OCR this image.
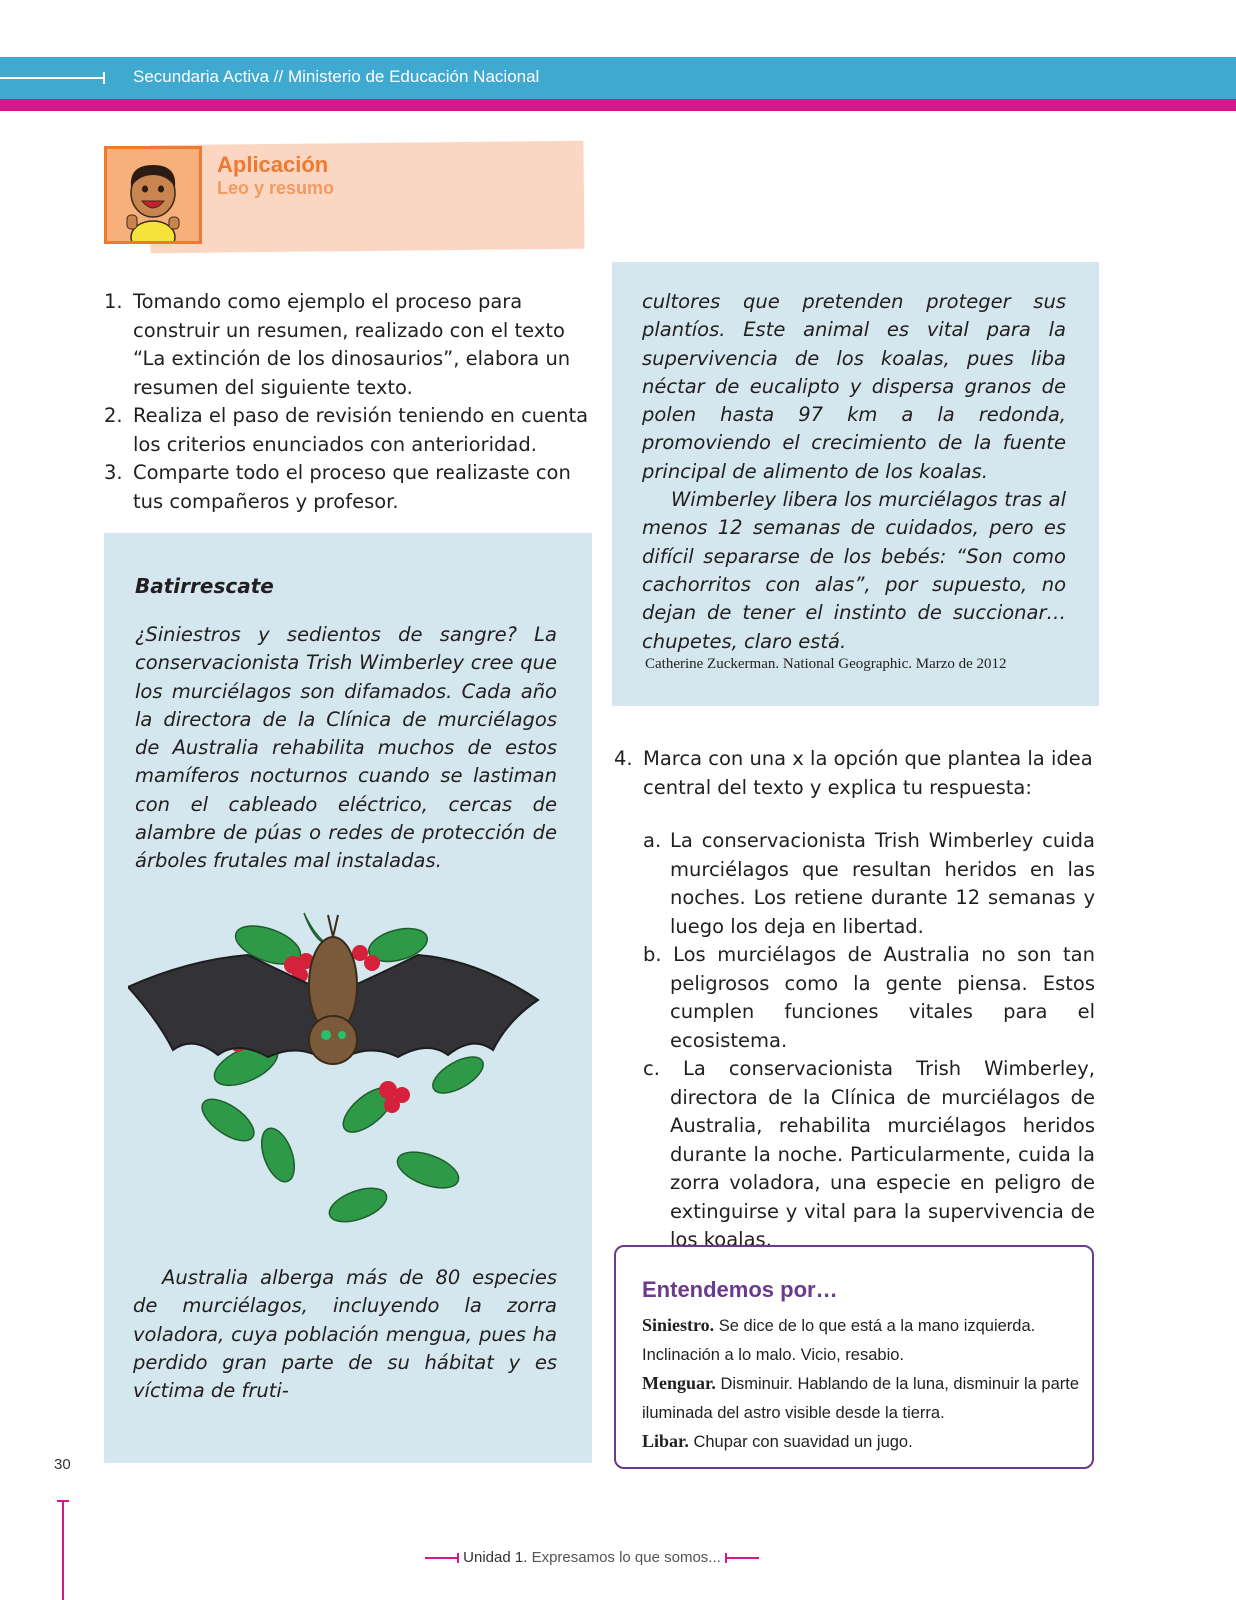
Secundaria Activa // Ministerio de Educación Nacional
Aplicación
Leo y resumo
1. Tomando como ejemplo el proceso para construir un resumen, realizado con el texto “La extinción de los dinosaurios”, elabora un resumen del siguiente texto.
2. Realiza el paso de revisión teniendo en cuenta los criterios enunciados con anterioridad.
3. Comparte todo el proceso que realizaste con tus compañeros y profesor.
Batirrescate

¿Siniestros y sedientos de sangre? La conservacionista Trish Wimberley cree que los murciélagos son difamados. Cada año la directora de la Clínica de murciélagos de Australia rehabilita muchos de estos mamíferos nocturnos cuando se lastiman con el cableado eléctrico, cercas de alambre de púas o redes de protección de árboles frutales mal instaladas.

Australia alberga más de 80 especies de murciélagos, incluyendo la zorra voladora, cuya población mengua, pues ha perdido gran parte de su hábitat y es víctima de fruti-

cultores que pretenden proteger sus plantíos. Este animal es vital para la supervivencia de los koalas, pues liba néctar de eucalipto y dispersa granos de polen hasta 97 km a la redonda, promoviendo el crecimiento de la fuente principal de alimento de los koalas.

Wimberley libera los murciélagos tras al menos 12 semanas de cuidados, pero es difícil separarse de los bebés: “Son como cachorritos con alas”, por supuesto, no dejan de tener el instinto de succionar…chupetes, claro está.

Catherine Zuckerman. National Geographic. Marzo de 2012
4. Marca con una x la opción que plantea la idea central del texto y explica tu respuesta:
a. La conservacionista Trish Wimberley cuida murciélagos que resultan heridos en las noches. Los retiene durante 12 semanas y luego los deja en libertad.
b. Los murciélagos de Australia no son tan peligrosos como la gente piensa. Estos cumplen funciones vitales para el ecosistema.
c. La conservacionista Trish Wimberley, directora de la Clínica de murciélagos de Australia, rehabilita murciélagos heridos durante la noche. Particularmente, cuida la zorra voladora, una especie en peligro de extinguirse y vital para la supervivencia de los koalas.
Entendemos por…
Siniestro. Se dice de lo que está a la mano izquierda. Inclinación a lo malo. Vicio, resabio.
Menguar. Disminuir. Hablando de la luna, disminuir la parte iluminada del astro visible desde la tierra.
Libar. Chupar con suavidad un jugo.
30

Unidad 1.
Expresamos lo que somos...
